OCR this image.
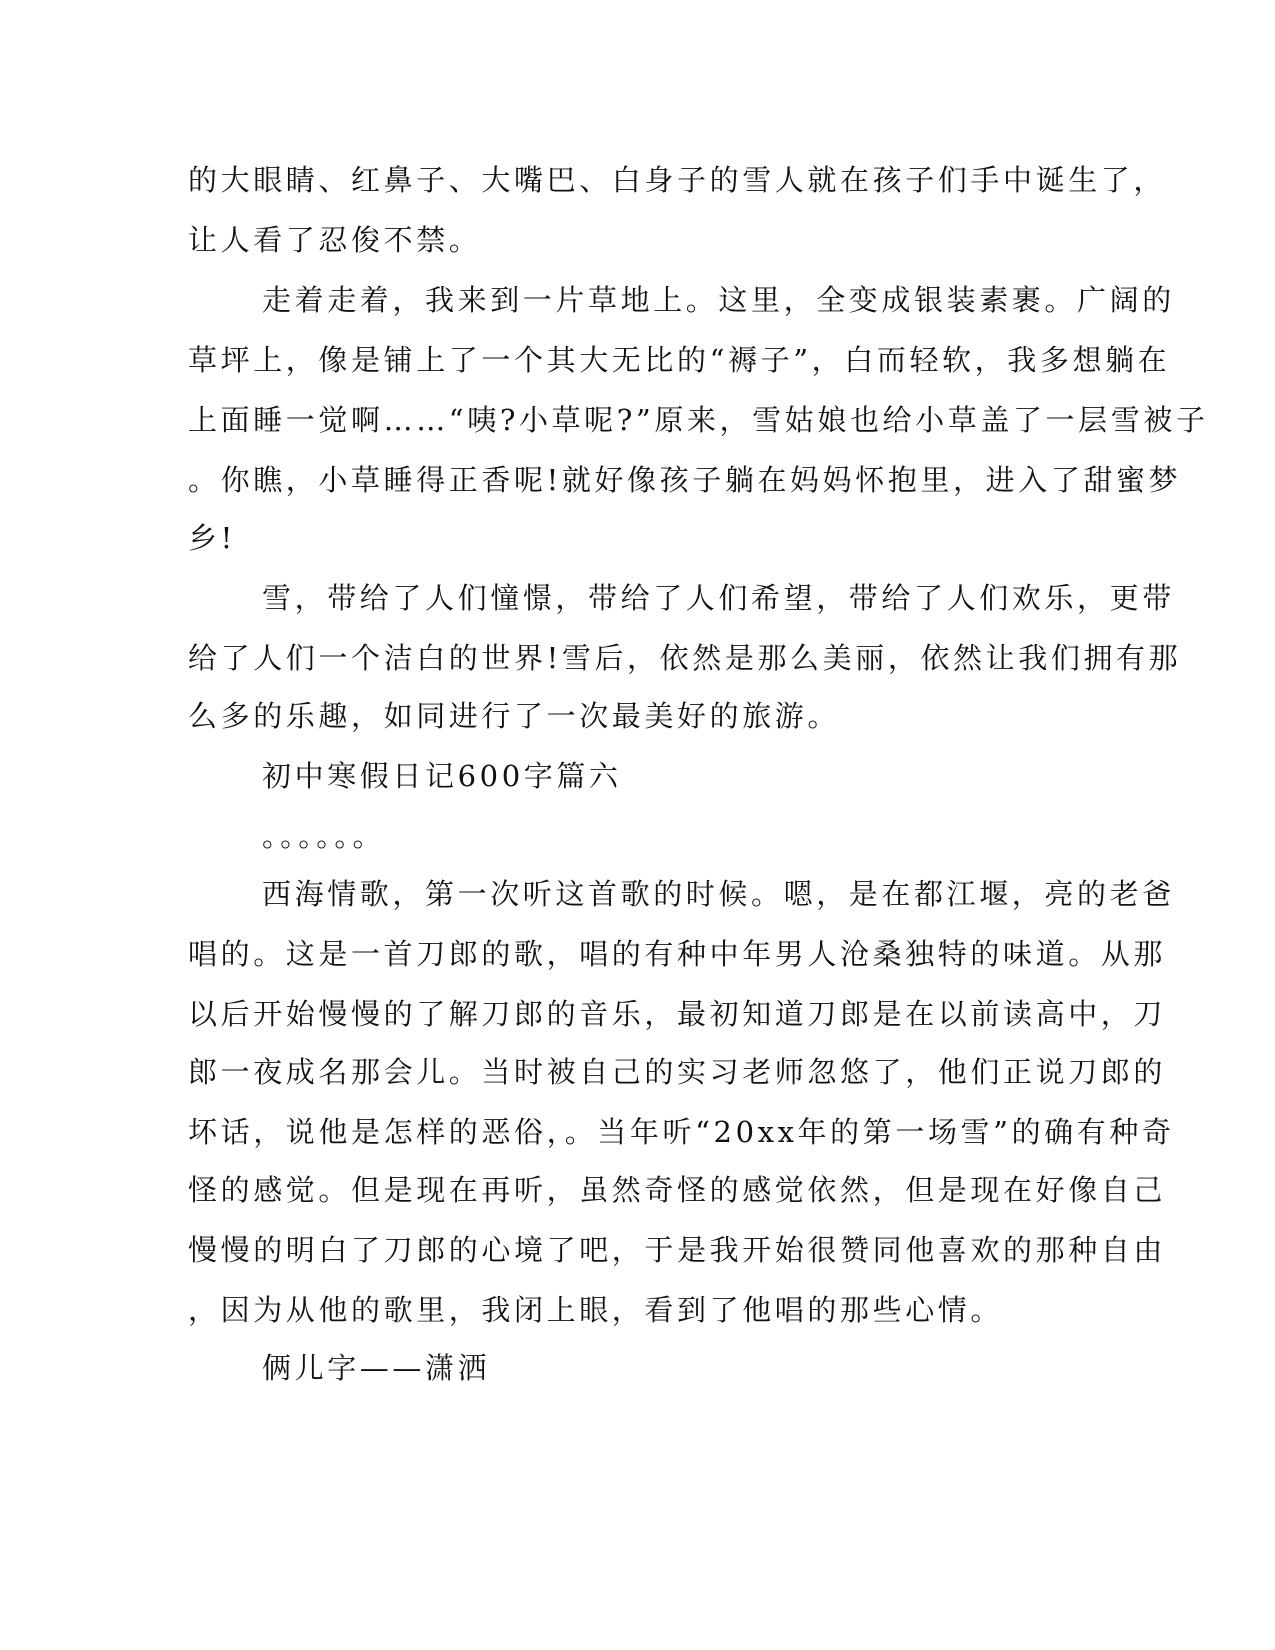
的大眼睛、红鼻子、大嘴巴、白身子的雪人就在孩子们手中诞生了，
让人看了忍俊不禁。
走着走着，我来到一片草地上。这里，全变成银装素裹。广阔的
草坪上，像是铺上了一个其大无比的“褥子”，白而轻软，我多想躺在
上面睡一觉啊……“咦?小草呢?”原来，雪姑娘也给小草盖了一层雪被子
。你瞧，小草睡得正香呢!就好像孩子躺在妈妈怀抱里，进入了甜蜜梦
乡!
雪，带给了人们憧憬，带给了人们希望，带给了人们欢乐，更带
给了人们一个洁白的世界!雪后，依然是那么美丽，依然让我们拥有那
么多的乐趣，如同进行了一次最美好的旅游。
初中寒假日记600字篇六
。。。。。。
西海情歌，第一次听这首歌的时候。嗯，是在都江堰，亮的老爸
唱的。这是一首刀郎的歌，唱的有种中年男人沧桑独特的味道。从那
以后开始慢慢的了解刀郎的音乐，最初知道刀郎是在以前读高中，刀
郎一夜成名那会儿。当时被自己的实习老师忽悠了，他们正说刀郎的
坏话，说他是怎样的恶俗，。当年听“20xx年的第一场雪”的确有种奇
怪的感觉。但是现在再听，虽然奇怪的感觉依然，但是现在好像自己
慢慢的明白了刀郎的心境了吧，于是我开始很赞同他喜欢的那种自由
，因为从他的歌里，我闭上眼，看到了他唱的那些心情。
俩儿字——潇洒
